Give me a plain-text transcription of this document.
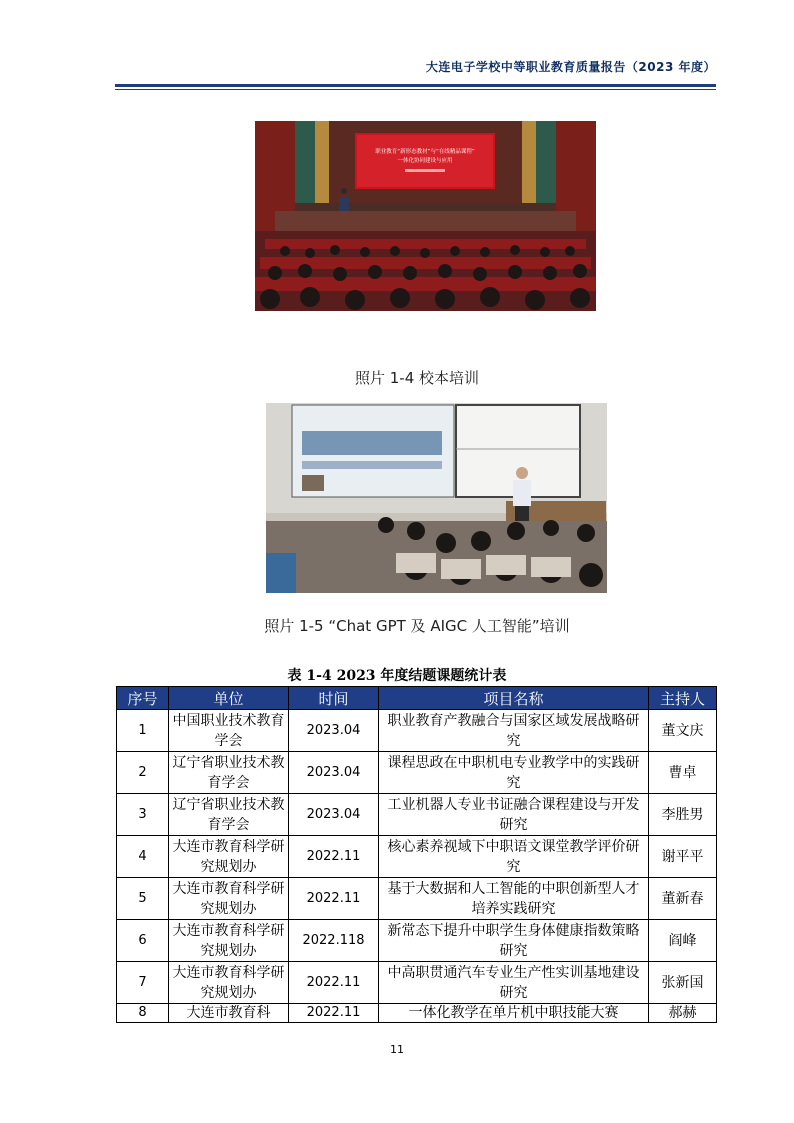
大连电子学校中等职业教育质量报告（2023 年度）
职业教育“新形态教材”与“在线精品课程”
一体化协同建设与应用
照片 1-4 校本培训
照片 1-5 “Chat GPT 及 AIGC 人工智能”培训
表 1-4 2023 年度结题课题统计表
序号	单位	时间	项目名称	主持人
1	中国职业技术教育学会	2023.04	职业教育产教融合与国家区域发展战略研究	董文庆
2	辽宁省职业技术教育学会	2023.04	课程思政在中职机电专业教学中的实践研究	曹卓
3	辽宁省职业技术教育学会	2023.04	工业机器人专业书证融合课程建设与开发研究	李胜男
4	大连市教育科学研究规划办	2022.11	核心素养视域下中职语文课堂教学评价研究	谢平平
5	大连市教育科学研究规划办	2022.11	基于大数据和人工智能的中职创新型人才培养实践研究	董新春
6	大连市教育科学研究规划办	2022.118	新常态下提升中职学生身体健康指数策略研究	阎峰
7	大连市教育科学研究规划办	2022.11	中高职贯通汽车专业生产性实训基地建设研究	张新国
8	大连市教育科	2022.11	一体化教学在单片机中职技能大赛	郝赫
11
